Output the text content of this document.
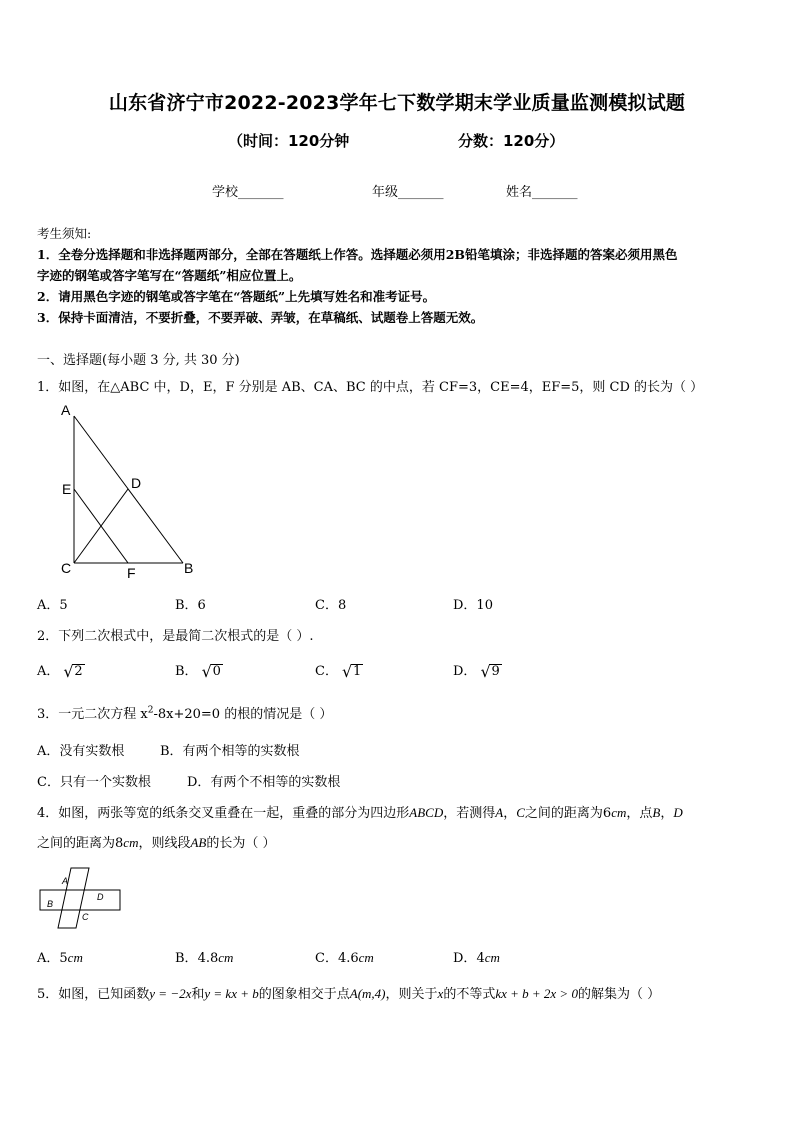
山东省济宁市2022-2023学年七下数学期末学业质量监测模拟试题
（时间：120分钟	分数：120分）
学校_______	年级_______	姓名_______
考生须知:
1．全卷分选择题和非选择题两部分，全部在答题纸上作答。选择题必须用2B铅笔填涂；非选择题的答案必须用黑色
字迹的钢笔或答字笔写在“答题纸”相应位置上。
2．请用黑色字迹的钢笔或答字笔在“答题纸”上先填写姓名和准考证号。
3．保持卡面清洁，不要折叠，不要弄破、弄皱，在草稿纸、试题卷上答题无效。
一、选择题(每小题 3 分, 共 30 分)
1．如图，在△ABC 中，D，E，F 分别是 AB、CA、BC 的中点，若 CF=3，CE=4，EF=5，则 CD 的长为（ ）
A
E	D
C	F	B
A．5	B．6	C．8	D．10
2．下列二次根式中，是最简二次根式的是（ ）.
A． √ 2	B． √ 0	C． √ 1	D． √ 9
3．一元二次方程 $x^2-8x+20=0$ 的根的情况是（ ）
A．没有实数根	B．有两个相等的实数根
C．只有一个实数根	D．有两个不相等的实数根
4．如图，两张等宽的纸条交叉重叠在一起，重叠的部分为四边形ABCD，若测得A，C之间的距离为6cm，点B，D
之间的距离为8cm，则线段AB的长为（ ）
A
B
D
C
A．5cm	B．4.8cm	C．4.6cm	D．4cm
5．如图，已知函数y = −2x和y = kx + b的图象相交于点A(m,4)，则关于x的不等式kx + b + 2x > 0的解集为（ ）
